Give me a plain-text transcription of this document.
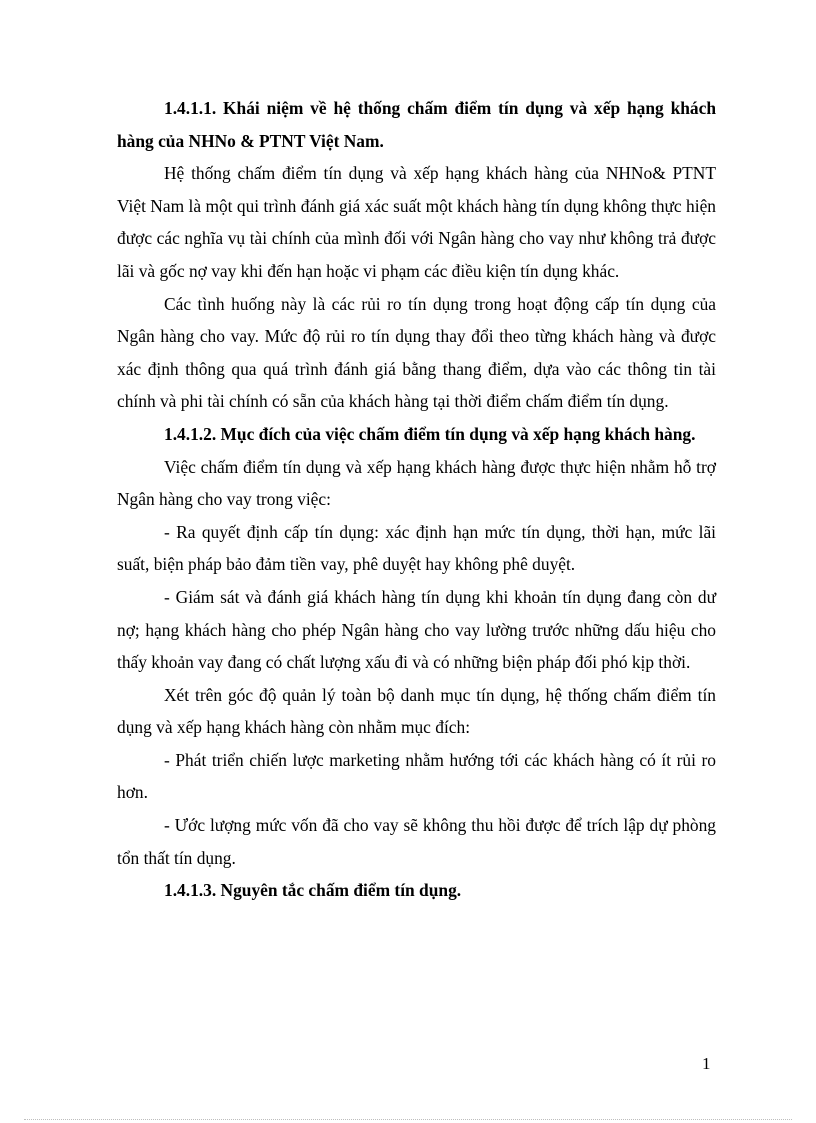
1.4.1.1. Khái niệm về hệ thống chấm điểm tín dụng và xếp hạng khách hàng của NHNo & PTNT Việt Nam.

Hệ thống chấm điểm tín dụng và xếp hạng khách hàng của NHNo& PTNT Việt Nam là một qui trình đánh giá xác suất một khách hàng tín dụng không thực hiện được các nghĩa vụ tài chính của mình đối với Ngân hàng cho vay như không trả được lãi và gốc nợ vay khi đến hạn hoặc vi phạm các điều kiện tín dụng khác.

Các tình huống này là các rủi ro tín dụng trong hoạt động cấp tín dụng của Ngân hàng cho vay. Mức độ rủi ro tín dụng thay đổi theo từng khách hàng và được xác định thông qua quá trình đánh giá bằng thang điểm, dựa vào các thông tin tài chính và phi tài chính có sẵn của khách hàng tại thời điểm chấm điểm tín dụng.

1.4.1.2. Mục đích của việc chấm điểm tín dụng và xếp hạng khách hàng.

Việc chấm điểm tín dụng và xếp hạng khách hàng được thực hiện nhằm hỗ trợ Ngân hàng cho vay trong việc:

- Ra quyết định cấp tín dụng: xác định hạn mức tín dụng, thời hạn, mức lãi suất, biện pháp bảo đảm tiền vay, phê duyệt hay không phê duyệt.

- Giám sát và đánh giá khách hàng tín dụng khi khoản tín dụng đang còn dư nợ; hạng khách hàng cho phép Ngân hàng cho vay lường trước những dấu hiệu cho thấy khoản vay đang có chất lượng xấu đi và có những biện pháp đối phó kịp thời.

Xét trên góc độ quản lý toàn bộ danh mục tín dụng, hệ thống chấm điểm tín dụng và xếp hạng khách hàng còn nhằm mục đích:

- Phát triển chiến lược marketing nhằm hướng tới các khách hàng có ít rủi ro hơn.

- Ước lượng mức vốn đã cho vay sẽ không thu hồi được để trích lập dự phòng tổn thất tín dụng.

1.4.1.3. Nguyên tắc chấm điểm tín dụng.

1
